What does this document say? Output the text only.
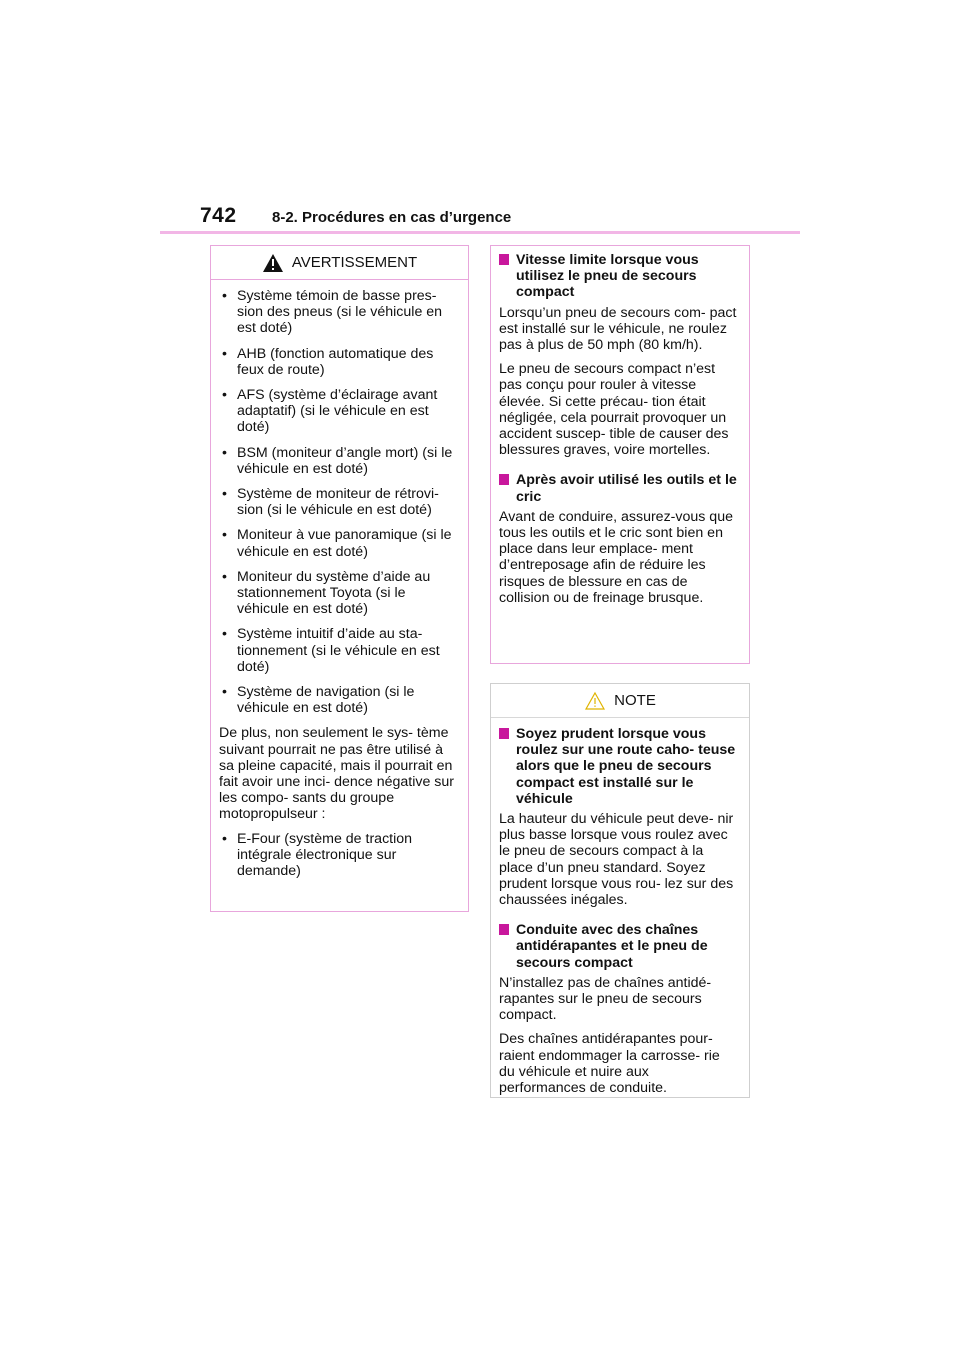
742 8-2. Procédures en cas d’urgence
AVERTISSEMENT
• Système témoin de basse pres- sion des pneus (si le véhicule en est doté)
• AHB (fonction automatique des feux de route)
• AFS (système d’éclairage avant adaptatif) (si le véhicule en est doté)
• BSM (moniteur d’angle mort) (si le véhicule en est doté)
• Système de moniteur de rétrovi- sion (si le véhicule en est doté)
• Moniteur à vue panoramique (si le véhicule en est doté)
• Moniteur du système d’aide au stationnement Toyota (si le véhicule en est doté)
• Système intuitif d’aide au sta- tionnement (si le véhicule en est doté)
• Système de navigation (si le véhicule en est doté)

De plus, non seulement le sys- tème suivant pourrait ne pas être utilisé à sa pleine capacité, mais il pourrait en fait avoir une inci- dence négative sur les compo- sants du groupe motopropulseur :

• E-Four (système de traction intégrale électronique sur demande)
Vitesse limite lorsque vous utilisez le pneu de secours compact

Lorsqu’un pneu de secours com- pact est installé sur le véhicule, ne roulez pas à plus de 50 mph (80 km/h).

Le pneu de secours compact n’est pas conçu pour rouler à vitesse élevée. Si cette précau- tion était négligée, cela pourrait provoquer un accident suscep- tible de causer des blessures graves, voire mortelles.

Après avoir utilisé les outils et le cric

Avant de conduire, assurez-vous que tous les outils et le cric sont bien en place dans leur emplace- ment d’entreposage afin de réduire les risques de blessure en cas de collision ou de freinage brusque.

NOTE
Soyez prudent lorsque vous roulez sur une route caho- teuse alors que le pneu de secours compact est installé sur le véhicule

La hauteur du véhicule peut deve- nir plus basse lorsque vous roulez avec le pneu de secours compact à la place d’un pneu standard. Soyez prudent lorsque vous rou- lez sur des chaussées inégales.

Conduite avec des chaînes antidérapantes et le pneu de secours compact

N’installez pas de chaînes antidé- rapantes sur le pneu de secours compact.

Des chaînes antidérapantes pour- raient endommager la carrosse- rie du véhicule et nuire aux performances de conduite.
